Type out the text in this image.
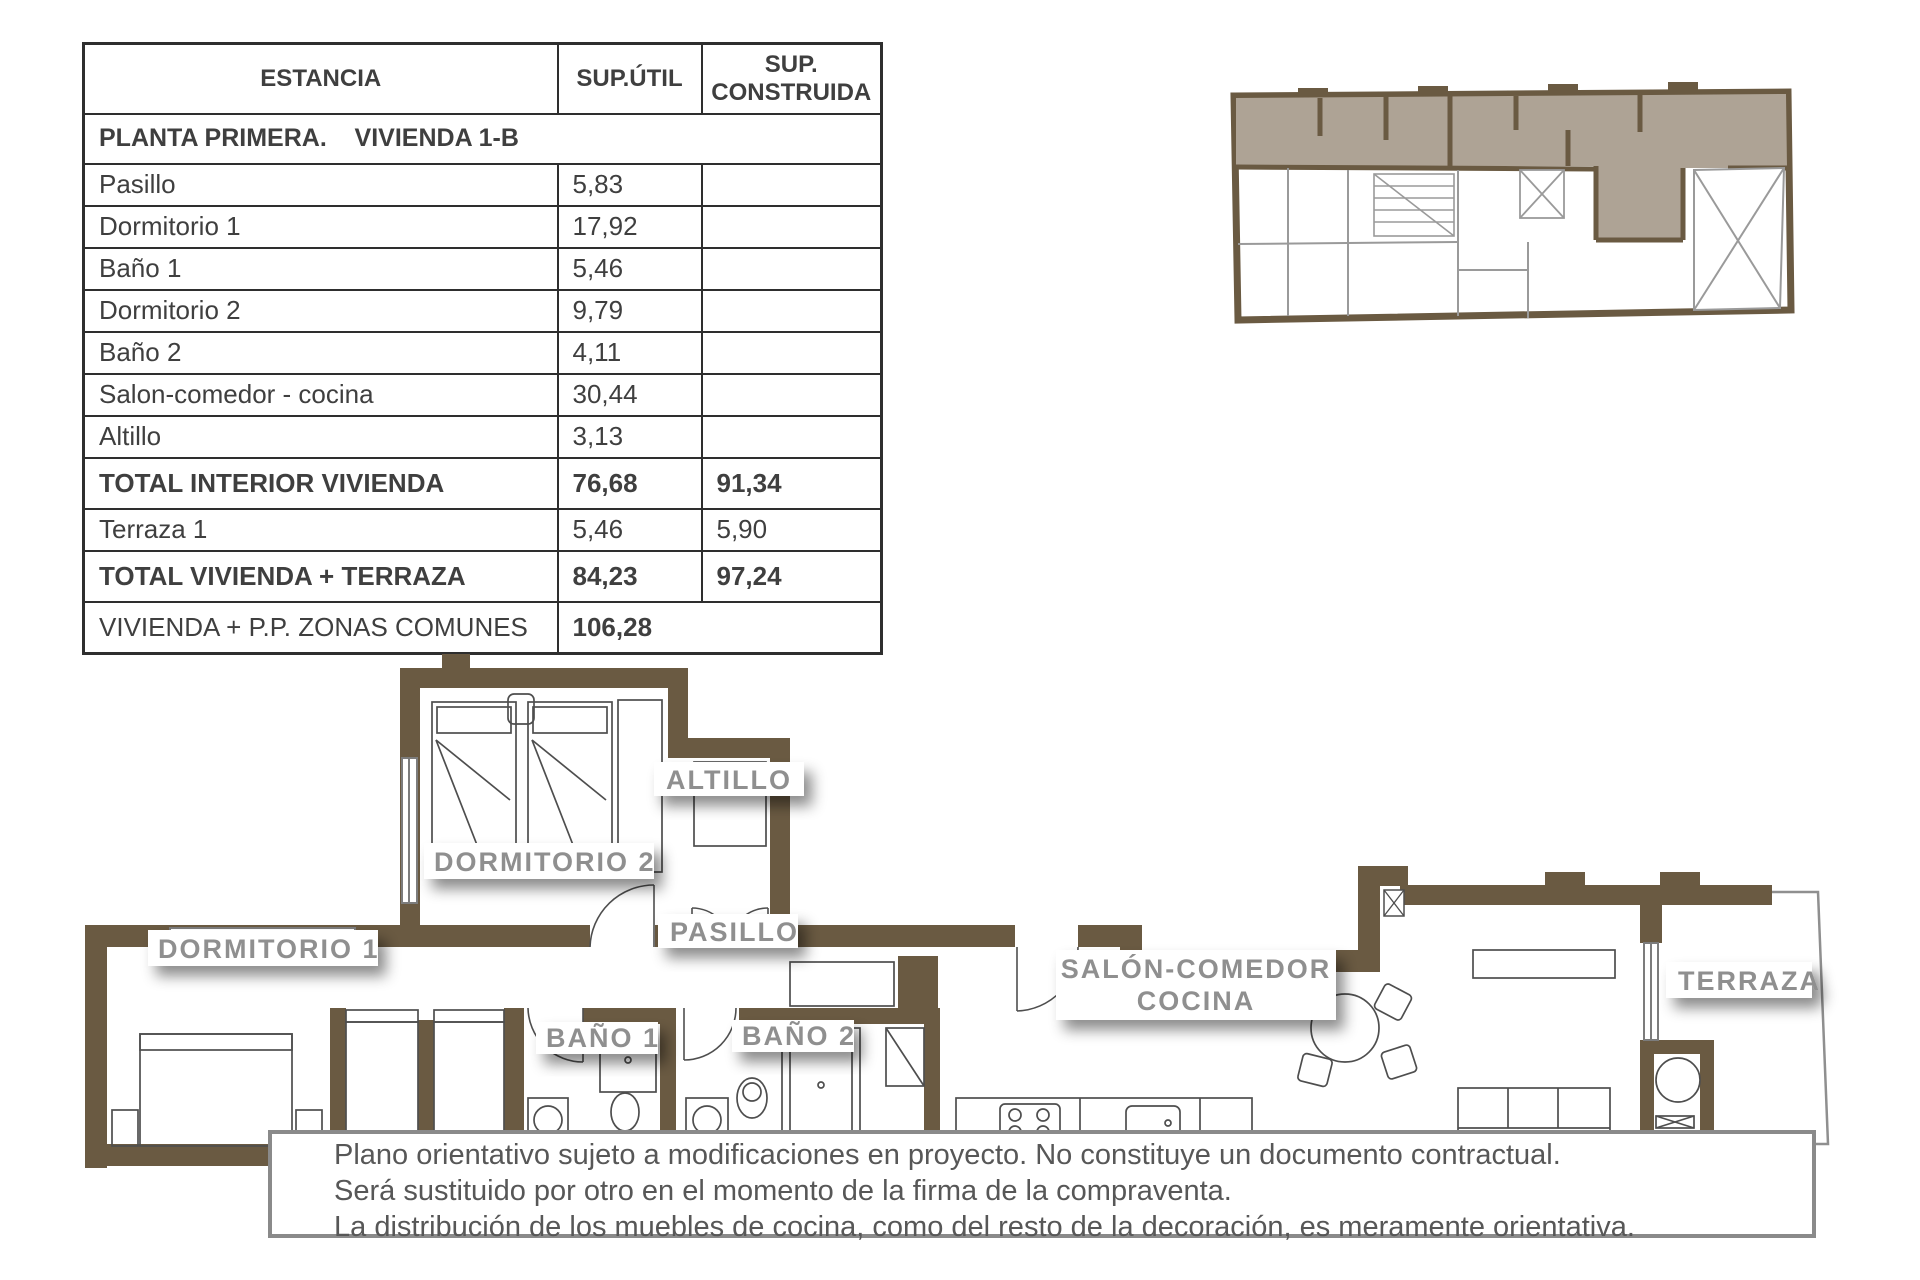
ESTANCIA	SUP.ÚTIL	SUP. CONSTRUIDA
PLANTA PRIMERA.    VIVIENDA 1-B		
Pasillo	5,83	
Dormitorio 1	17,92	
Baño 1	5,46	
Dormitorio 2	9,79	
Baño 2	4,11	
Salon-comedor - cocina	30,44	
Altillo	3,13	
TOTAL INTERIOR VIVIENDA	76,68	91,34
Terraza 1	5,46	5,90
TOTAL VIVIENDA + TERRAZA	84,23	97,24
VIVIENDA + P.P. ZONAS COMUNES	106,28	
DORMITORIO 1
DORMITORIO 2
ALTILLO
PASILLO
BAÑO 1	BAÑO 2
SALÓN-COMEDOR
COCINA
TERRAZA
Plano orientativo sujeto a modificaciones en proyecto. No constituye un documento contractual.
Será sustituido por otro en el momento de la firma de la compraventa.
La distribución de los muebles de cocina, como del resto de la decoración, es meramente orientativa.
